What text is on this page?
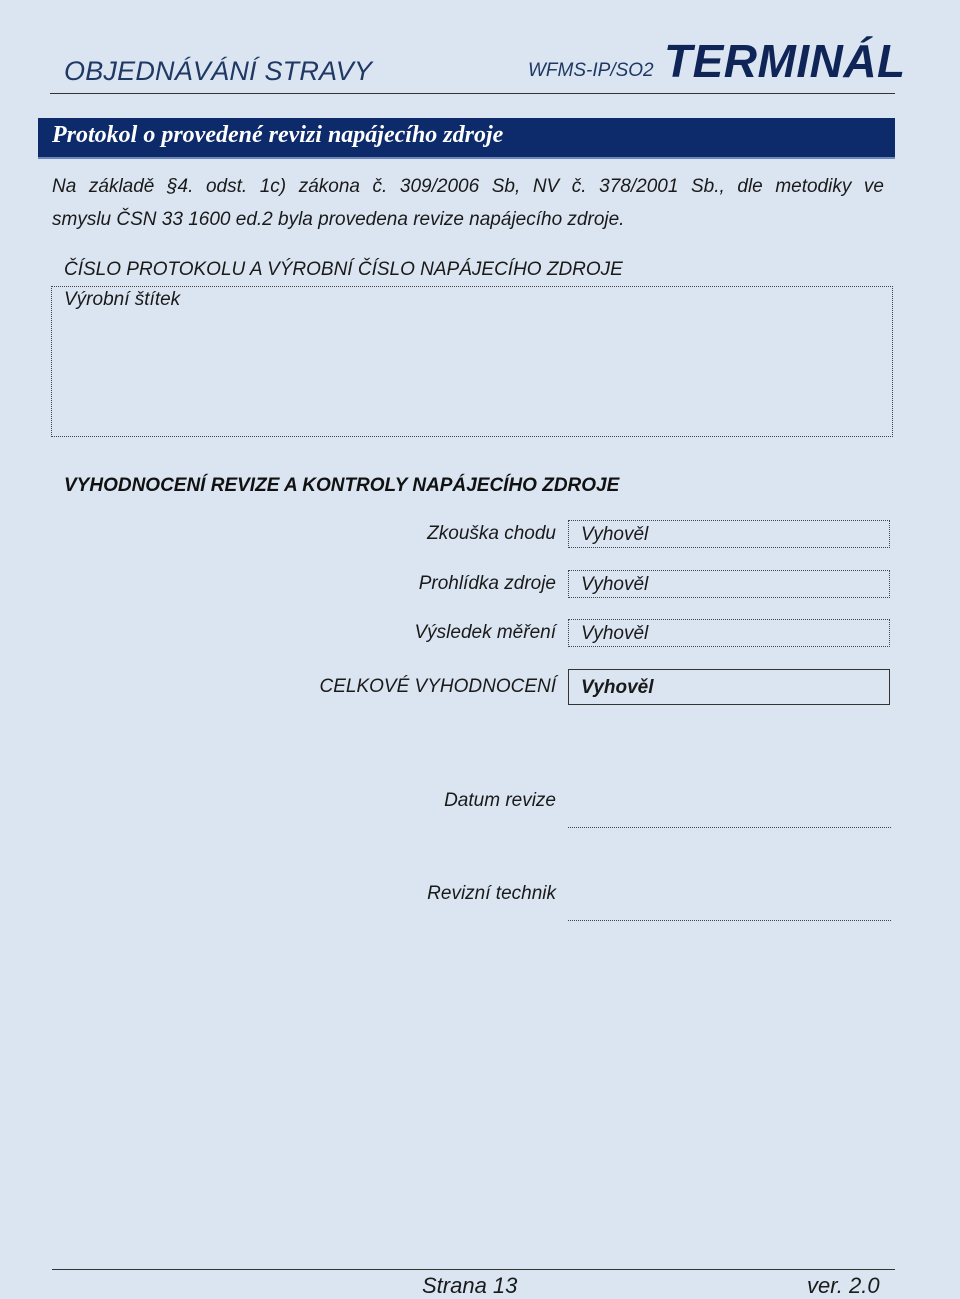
OBJEDNÁVÁNÍ STRAVY	WFMS-IP/SO2 TERMINÁL
Protokol o provedené revizi napájecího zdroje
Na základě §4. odst. 1c) zákona č. 309/2006 Sb, NV č. 378/2001 Sb., dle metodiky ve
smyslu ČSN 33 1600 ed.2 byla provedena revize napájecího zdroje.
ČÍSLO PROTOKOLU A VÝROBNÍ ČÍSLO NAPÁJECÍHO ZDROJE
Výrobní štítek
VYHODNOCENÍ REVIZE A KONTROLY NAPÁJECÍHO ZDROJE
Zkouška chodu	Vyhověl
Prohlídka zdroje	Vyhověl
Výsledek měření	Vyhověl
CELKOVÉ VYHODNOCENÍ	Vyhověl
Datum revize
Revizní technik
Strana 13	ver. 2.0
